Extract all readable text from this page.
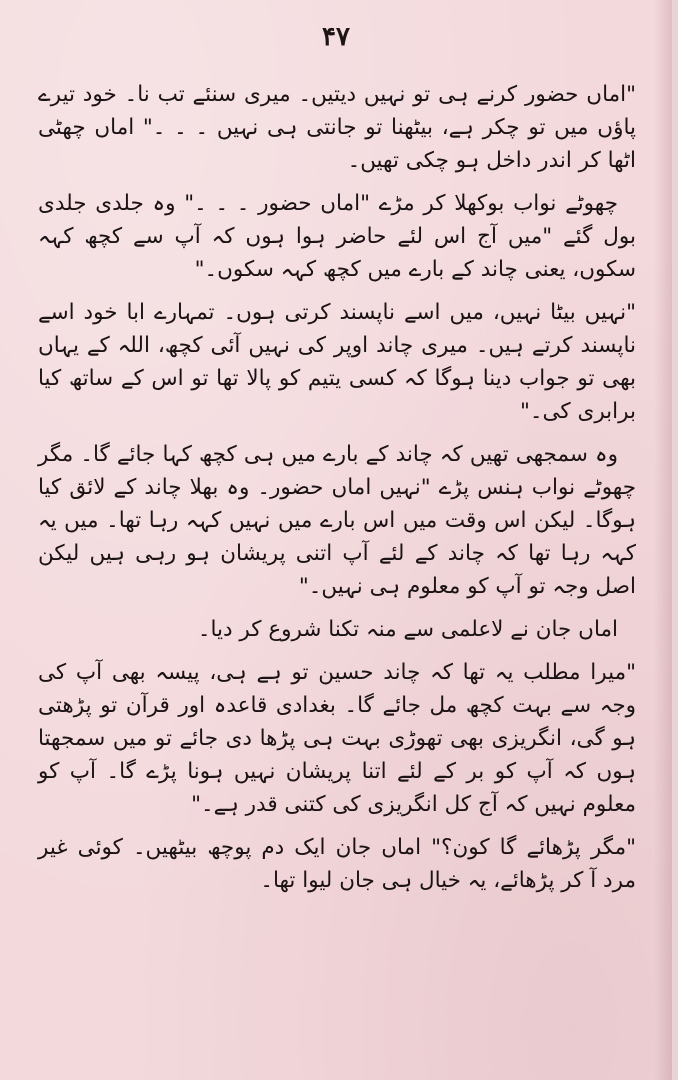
۴۷

"اماں حضور کرنے ہی تو نہیں دیتیں۔ میری سنئے تب نا۔ خود تیرے پاؤں میں تو چکر ہے، بیٹھنا تو جانتی ہی نہیں ۔ ۔ ۔" اماں چھٹی اٹھا کر اندر داخل ہو چکی تھیں۔

چھوٹے نواب بوکھلا کر مڑے "اماں حضور ۔ ۔ ۔" وہ جلدی جلدی بول گئے "میں آج اس لئے حاضر ہوا ہوں کہ آپ سے کچھ کہہ سکوں، یعنی چاند کے بارے میں کچھ کہہ سکوں۔"

"نہیں بیٹا نہیں، میں اسے ناپسند کرتی ہوں۔ تمہارے ابا خود اسے ناپسند کرتے ہیں۔ میری چاند اوپر کی نہیں آئی کچھ، اللہ کے یہاں بھی تو جواب دینا ہوگا کہ کسی یتیم کو پالا تھا تو اس کے ساتھ کیا برابری کی۔"

وہ سمجھی تھیں کہ چاند کے بارے میں ہی کچھ کہا جائے گا۔ مگر چھوٹے نواب ہنس پڑے "نہیں اماں حضور۔ وہ بھلا چاند کے لائق کیا ہوگا۔ لیکن اس وقت میں اس بارے میں نہیں کہہ رہا تھا۔ میں یہ کہہ رہا تھا کہ چاند کے لئے آپ اتنی پریشان ہو رہی ہیں لیکن اصل وجہ تو آپ کو معلوم ہی نہیں۔"

اماں جان نے لاعلمی سے منہ تکنا شروع کر دیا۔

"میرا مطلب یہ تھا کہ چاند حسین تو ہے ہی، پیسہ بھی آپ کی وجہ سے بہت کچھ مل جائے گا۔ بغدادی قاعدہ اور قرآن تو پڑھتی ہو گی، انگریزی بھی تھوڑی بہت ہی پڑھا دی جائے تو میں سمجھتا ہوں کہ آپ کو بر کے لئے اتنا پریشان نہیں ہونا پڑے گا۔ آپ کو معلوم نہیں کہ آج کل انگریزی کی کتنی قدر ہے۔"

"مگر پڑھائے گا کون؟" اماں جان ایک دم پوچھ بیٹھیں۔ کوئی غیر مرد آ کر پڑھائے، یہ خیال ہی جان لیوا تھا۔
